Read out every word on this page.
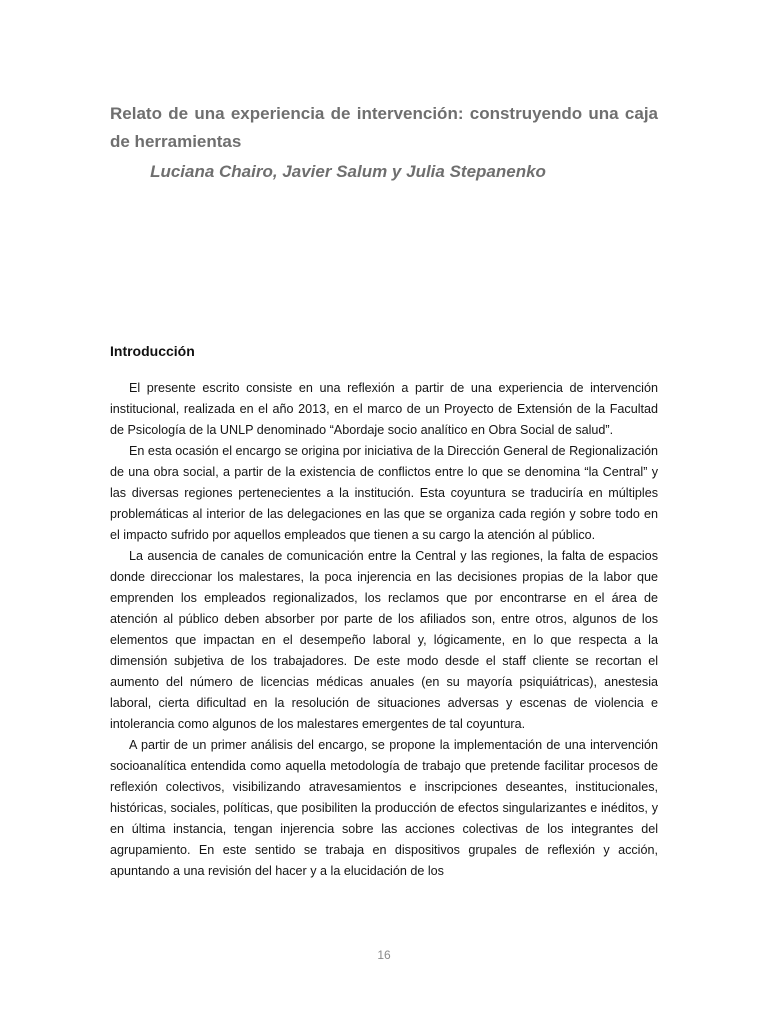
Relato de una experiencia de intervención: construyendo una caja de herramientas
Luciana Chairo, Javier Salum y Julia Stepanenko
Introducción

El presente escrito consiste en una reflexión a partir de una experiencia de intervención institucional, realizada en el año 2013, en el marco de un Proyecto de Extensión de la Facultad de Psicología de la UNLP denominado “Abordaje socio analítico en Obra Social de salud”.

En esta ocasión el encargo se origina por iniciativa de la Dirección General de Regionalización de una obra social, a partir de la existencia de conflictos entre lo que se denomina “la Central” y las diversas regiones pertenecientes a la institución. Esta coyuntura se traduciría en múltiples problemáticas al interior de las delegaciones en las que se organiza cada región y sobre todo en el impacto sufrido por aquellos empleados que tienen a su cargo la atención al público.

La ausencia de canales de comunicación entre la Central y las regiones, la falta de espacios donde direccionar los malestares, la poca injerencia en las decisiones propias de la labor que emprenden los empleados regionalizados, los reclamos que por encontrarse en el área de atención al público deben absorber por parte de los afiliados son, entre otros, algunos de los elementos que impactan en el desempeño laboral y, lógicamente, en lo que respecta a la dimensión subjetiva de los trabajadores. De este modo desde el staff cliente se recortan el aumento del número de licencias médicas anuales (en su mayoría psiquiátricas), anestesia laboral, cierta dificultad en la resolución de situaciones adversas y escenas de violencia e intolerancia como algunos de los malestares emergentes de tal coyuntura.

A partir de un primer análisis del encargo, se propone la implementación de una intervención socioanalítica entendida como aquella metodología de trabajo que pretende facilitar procesos de reflexión colectivos, visibilizando atravesamientos e inscripciones deseantes, institucionales, históricas, sociales, políticas, que posibiliten la producción de efectos singularizantes e inéditos, y en última instancia, tengan injerencia sobre las acciones colectivas de los integrantes del agrupamiento. En este sentido se trabaja en dispositivos grupales de reflexión y acción, apuntando a una revisión del hacer y a la elucidación de los

16
